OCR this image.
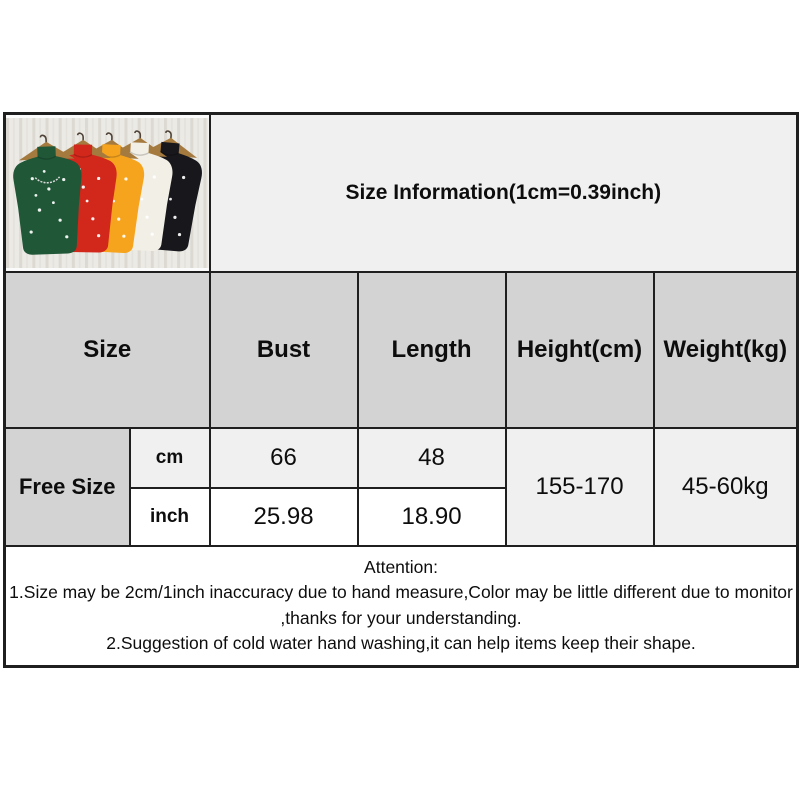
	Size Information(1cm=0.39inch)			
Size		Bust	Length	Height(cm)	Weight(kg)
Free Size	cm	66	48	155-170	45-60kg
	inch	25.98	18.90		

Attention:

1.Size may be 2cm/1inch inaccuracy due to hand measure,Color may be little different due to monitor ,thanks for your understanding.

2.Suggestion of cold water hand washing,it can help items keep their shape.					
